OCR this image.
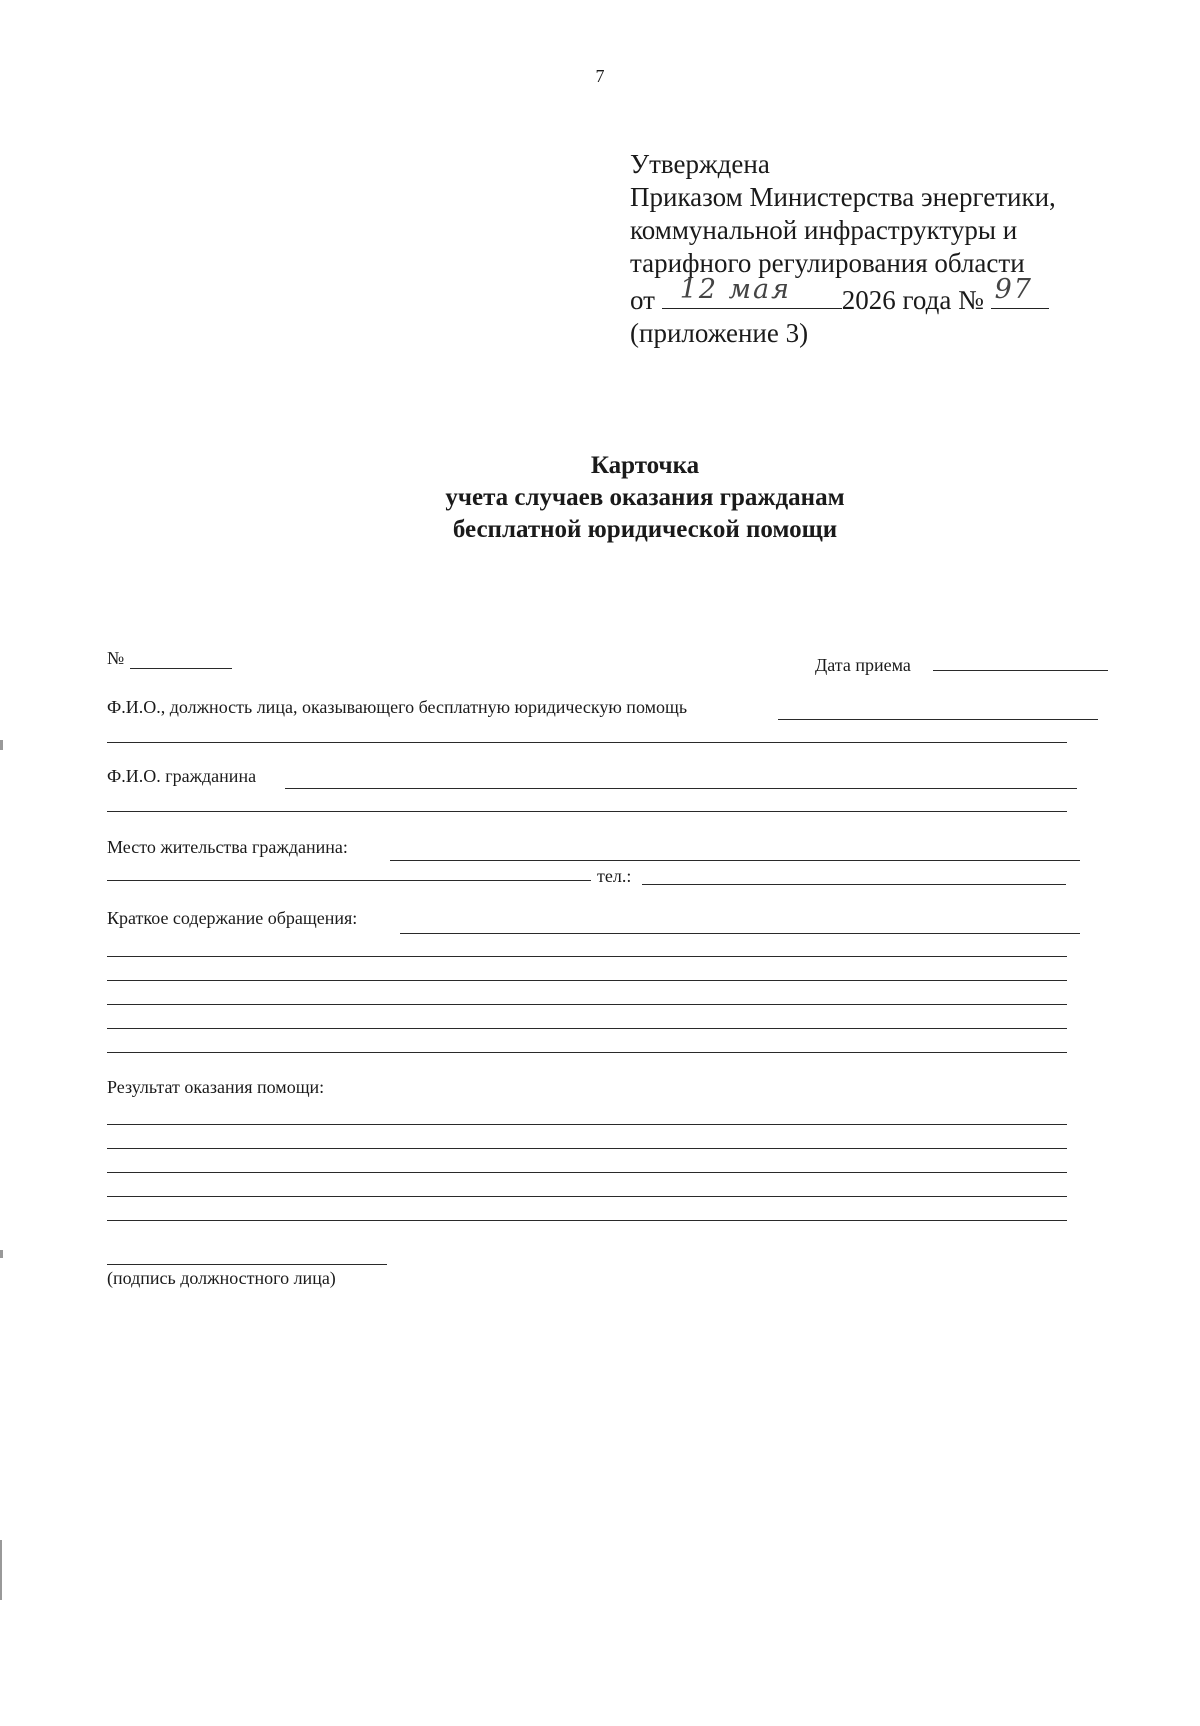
7
Утверждена
Приказом Министерства энергетики,
коммунальной инфраструктуры и
тарифного регулирования области
от 12 мая 2026 года № 97
(приложение 3)
Карточка
учета случаев оказания гражданам
бесплатной юридической помощи
№	Дата приема
Ф.И.О., должность лица, оказывающего бесплатную юридическую помощь
Ф.И.О. гражданина
Место жительства гражданина:
тел.:
Краткое содержание обращения:
Результат оказания помощи:
(подпись должностного лица)
